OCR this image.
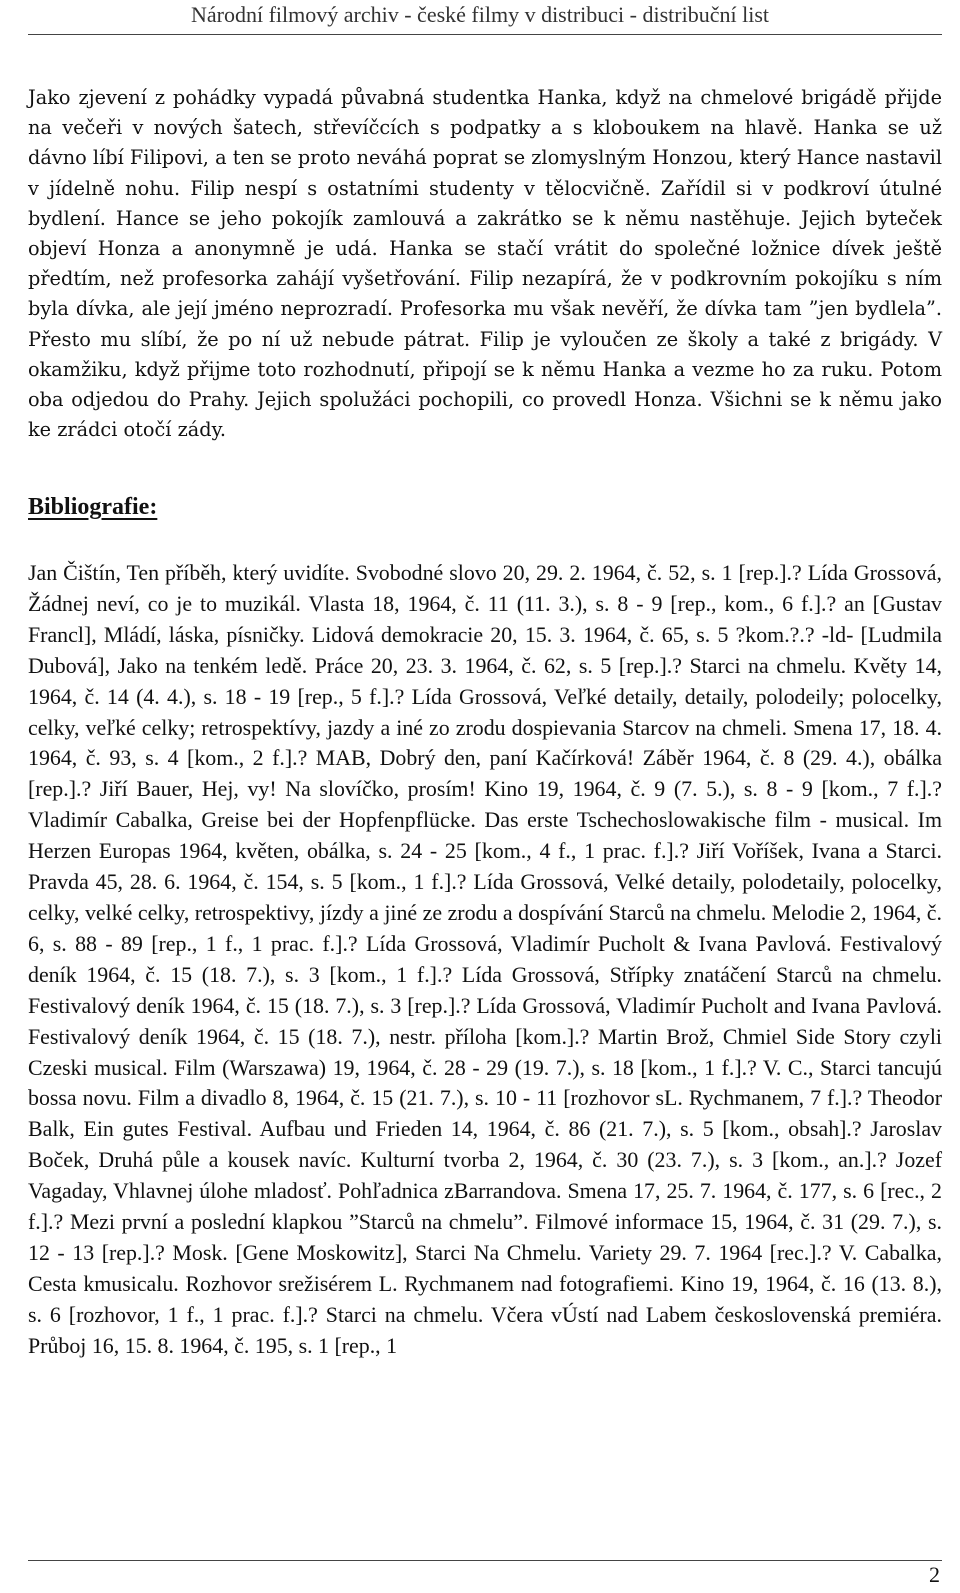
Národní filmový archiv - české filmy v distribuci - distribuční list

Jako zjevení z pohádky vypadá půvabná studentka Hanka, když na chmelové brigádě přijde na večeři v nových šatech, střevíčcích s podpatky a s kloboukem na hlavě. Hanka se už dávno líbí Filipovi, a ten se proto neváhá poprat se zlomyslným Honzou, který Hance nastavil v jídelně nohu. Filip nespí s ostatními studenty v tělocvičně. Zařídil si v podkroví útulné bydlení. Hance se jeho pokojík zamlouvá a zakrátko se k němu nastěhuje. Jejich byteček objeví Honza a anonymně je udá. Hanka se stačí vrátit do společné ložnice dívek ještě předtím, než profesorka zahájí vyšetřování. Filip nezapírá, že v podkrovním pokojíku s ním byla dívka, ale její jméno neprozradí. Profesorka mu však nevěří, že dívka tam ”jen bydlela”. Přesto mu slíbí, že po ní už nebude pátrat. Filip je vyloučen ze školy a také z brigády. V okamžiku, když přijme toto rozhodnutí, připojí se k němu Hanka a vezme ho za ruku. Potom oba odjedou do Prahy. Jejich spolužáci pochopili, co provedl Honza. Všichni se k němu jako ke zrádci otočí zády.

Bibliografie:

Jan Čištín, Ten příběh, který uvidíte. Svobodné slovo 20, 29. 2. 1964, č. 52, s. 1 [rep.].? Lída Grossová, Žádnej neví, co je to muzikál. Vlasta 18, 1964, č. 11 (11. 3.), s. 8 - 9 [rep., kom., 6 f.].? an [Gustav Francl], Mládí, láska, písničky. Lidová demokracie 20, 15. 3. 1964, č. 65, s. 5 ?kom.?.? -ld- [Ludmila Dubová], Jako na tenkém ledě. Práce 20, 23. 3. 1964, č. 62, s. 5 [rep.].? Starci na chmelu. Květy 14, 1964, č. 14 (4. 4.), s. 18 - 19 [rep., 5 f.].? Lída Grossová, Veľké detaily, detaily, polodeily; polocelky, celky, veľké celky; retrospektívy, jazdy a iné zo zrodu dospievania Starcov na chmeli. Smena 17, 18. 4. 1964, č. 93, s. 4 [kom., 2 f.].? MAB, Dobrý den, paní Kačírková! Záběr 1964, č. 8 (29. 4.), obálka [rep.].? Jiří Bauer, Hej, vy! Na slovíčko, prosím! Kino 19, 1964, č. 9 (7. 5.), s. 8 - 9 [kom., 7 f.].? Vladimír Cabalka, Greise bei der Hopfenpflücke. Das erste Tschechoslowakische film - musical. Im Herzen Europas 1964, květen, obálka, s. 24 - 25 [kom., 4 f., 1 prac. f.].? Jiří Voříšek, Ivana a Starci. Pravda 45, 28. 6. 1964, č. 154, s. 5 [kom., 1 f.].? Lída Grossová, Velké detaily, polodetaily, polocelky, celky, velké celky, retrospektivy, jízdy a jiné ze zrodu a dospívání Starců na chmelu. Melodie 2, 1964, č. 6, s. 88 - 89 [rep., 1 f., 1 prac. f.].? Lída Grossová, Vladimír Pucholt & Ivana Pavlová. Festivalový deník 1964, č. 15 (18. 7.), s. 3 [kom., 1 f.].? Lída Grossová, Střípky znatáčení Starců na chmelu. Festivalový deník 1964, č. 15 (18. 7.), s. 3 [rep.].? Lída Grossová, Vladimír Pucholt and Ivana Pavlová. Festivalový deník 1964, č. 15 (18. 7.), nestr. příloha [kom.].? Martin Brož, Chmiel Side Story czyli Czeski musical. Film (Warszawa) 19, 1964, č. 28 - 29 (19. 7.), s. 18 [kom., 1 f.].? V. C., Starci tancujú bossa novu. Film a divadlo 8, 1964, č. 15 (21. 7.), s. 10 - 11 [rozhovor sL. Rychmanem, 7 f.].? Theodor Balk, Ein gutes Festival. Aufbau und Frieden 14, 1964, č. 86 (21. 7.), s. 5 [kom., obsah].? Jaroslav Boček, Druhá půle a kousek navíc. Kulturní tvorba 2, 1964, č. 30 (23. 7.), s. 3 [kom., an.].? Jozef Vagaday, Vhlavnej úlohe mladosť. Pohľadnica zBarrandova. Smena 17, 25. 7. 1964, č. 177, s. 6 [rec., 2 f.].? Mezi první a poslední klapkou ”Starců na chmelu”. Filmové informace 15, 1964, č. 31 (29. 7.), s. 12 - 13 [rep.].? Mosk. [Gene Moskowitz], Starci Na Chmelu. Variety 29. 7. 1964 [rec.].? V. Cabalka, Cesta kmusicalu. Rozhovor srežisérem L. Rychmanem nad fotografiemi. Kino 19, 1964, č. 16 (13. 8.), s. 6 [rozhovor, 1 f., 1 prac. f.].? Starci na chmelu. Včera vÚstí nad Labem československá premiéra. Průboj 16, 15. 8. 1964, č. 195, s. 1 [rep., 1

2
